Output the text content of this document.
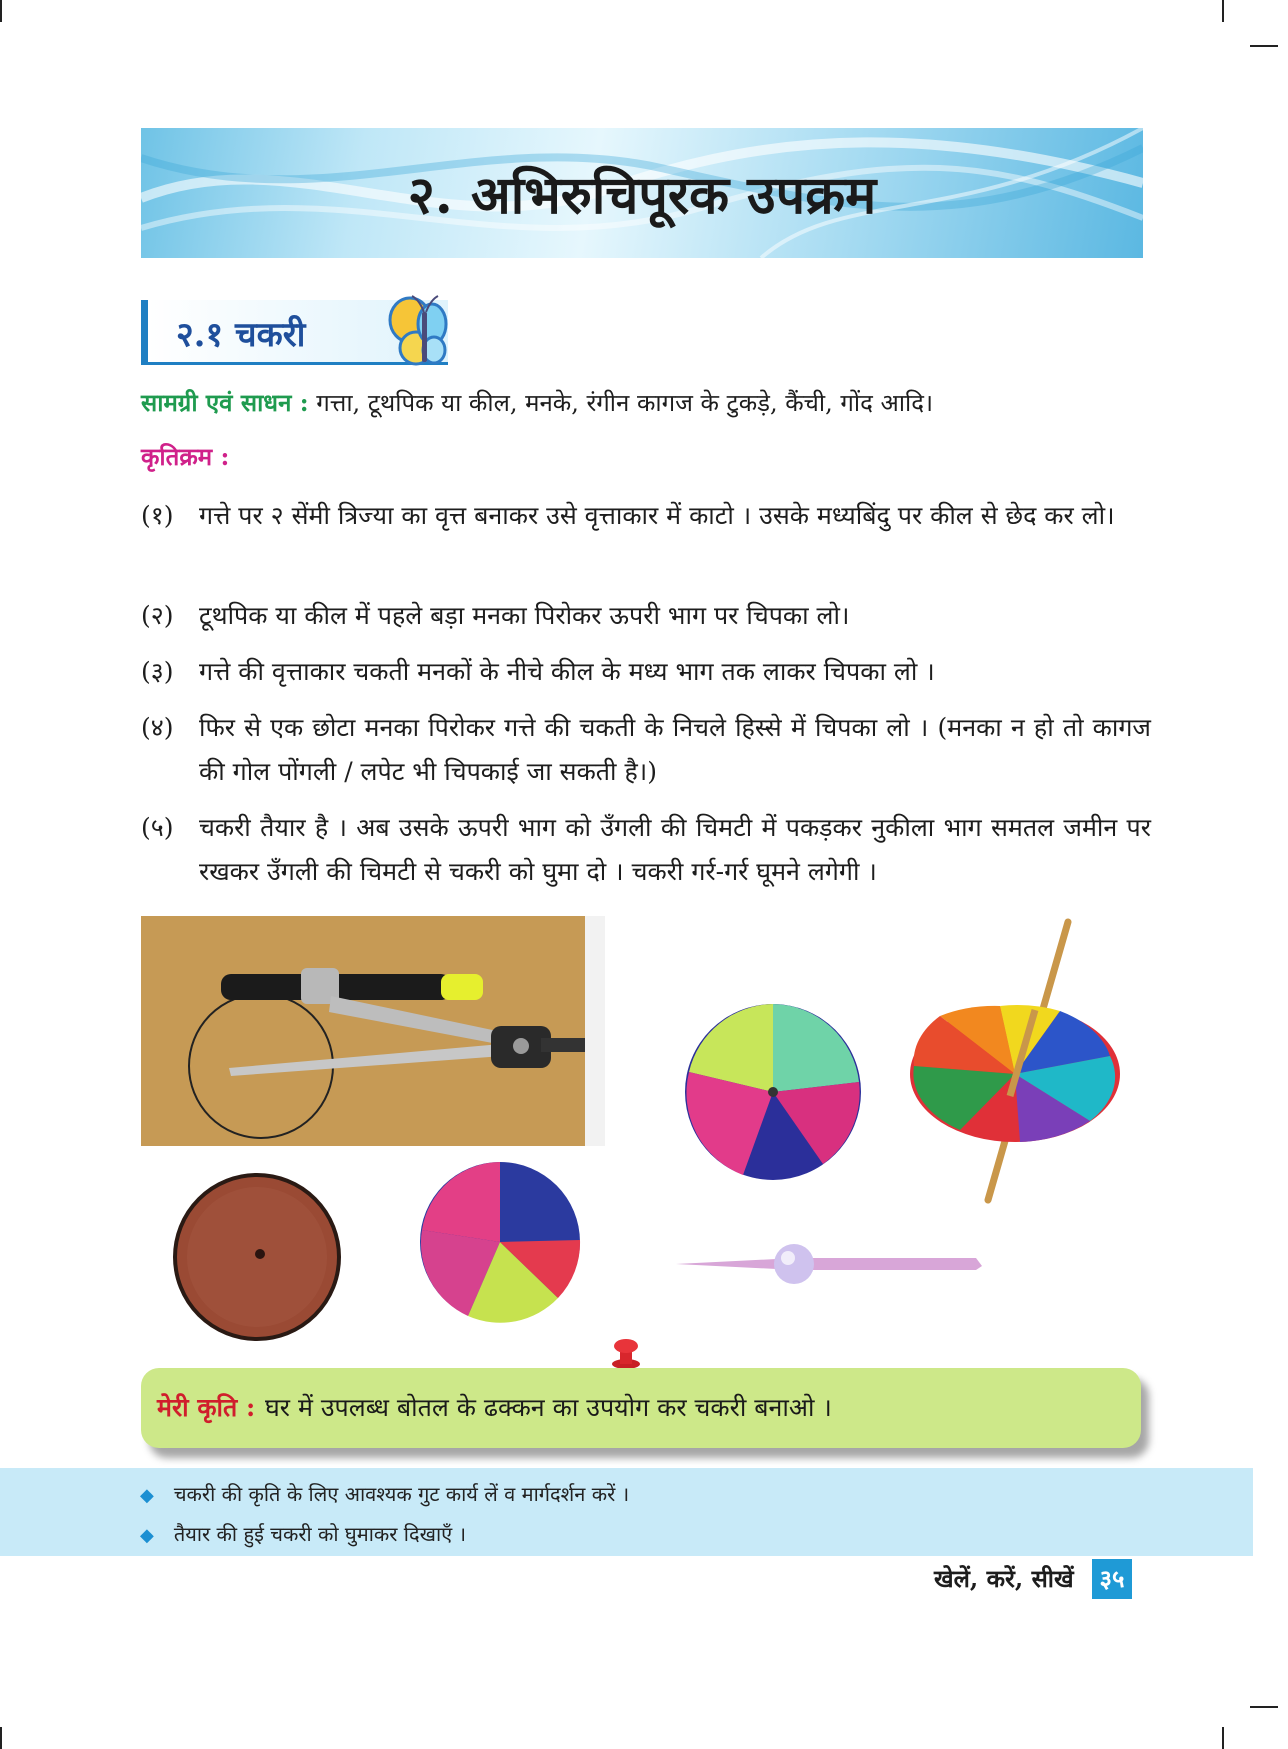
२. अभिरुचिपूरक उपक्रम
२.१ चकरी
सामग्री एवं साधन : गत्ता, टूथपिक या कील, मनके, रंगीन कागज के टुकड़े, कैंची, गोंद आदि।
कृतिक्रम :
(१)	गत्ते पर २ सेंमी त्रिज्या का वृत्त बनाकर उसे वृत्ताकार में काटो । उसके मध्यबिंदु पर कील से छेद कर लो।
(२)	टूथपिक या कील में पहले बड़ा मनका पिरोकर ऊपरी भाग पर चिपका लो।
(३)	गत्ते की वृत्ताकार चकती मनकों के नीचे कील के मध्य भाग तक लाकर चिपका लो ।
(४)	फिर से एक छोटा मनका पिरोकर गत्ते की चकती के निचले हिस्से में चिपका लो । (मनका न हो तो कागज की गोल पोंगली / लपेट भी चिपकाई जा सकती है।)
(५)	चकरी तैयार है । अब उसके ऊपरी भाग को उँगली की चिमटी में पकड़कर नुकीला भाग समतल जमीन पर रखकर उँगली की चिमटी से चकरी को घुमा दो । चकरी गर्र-गर्र घूमने लगेगी ।
मेरी कृति : घर में उपलब्ध बोतल के ढक्कन का उपयोग कर चकरी बनाओ ।
◆ चकरी की कृति के लिए आवश्यक गुट कार्य लें व मार्गदर्शन करें ।
◆ तैयार की हुई चकरी को घुमाकर दिखाएँ ।
खेलें, करें, सीखें	३५
